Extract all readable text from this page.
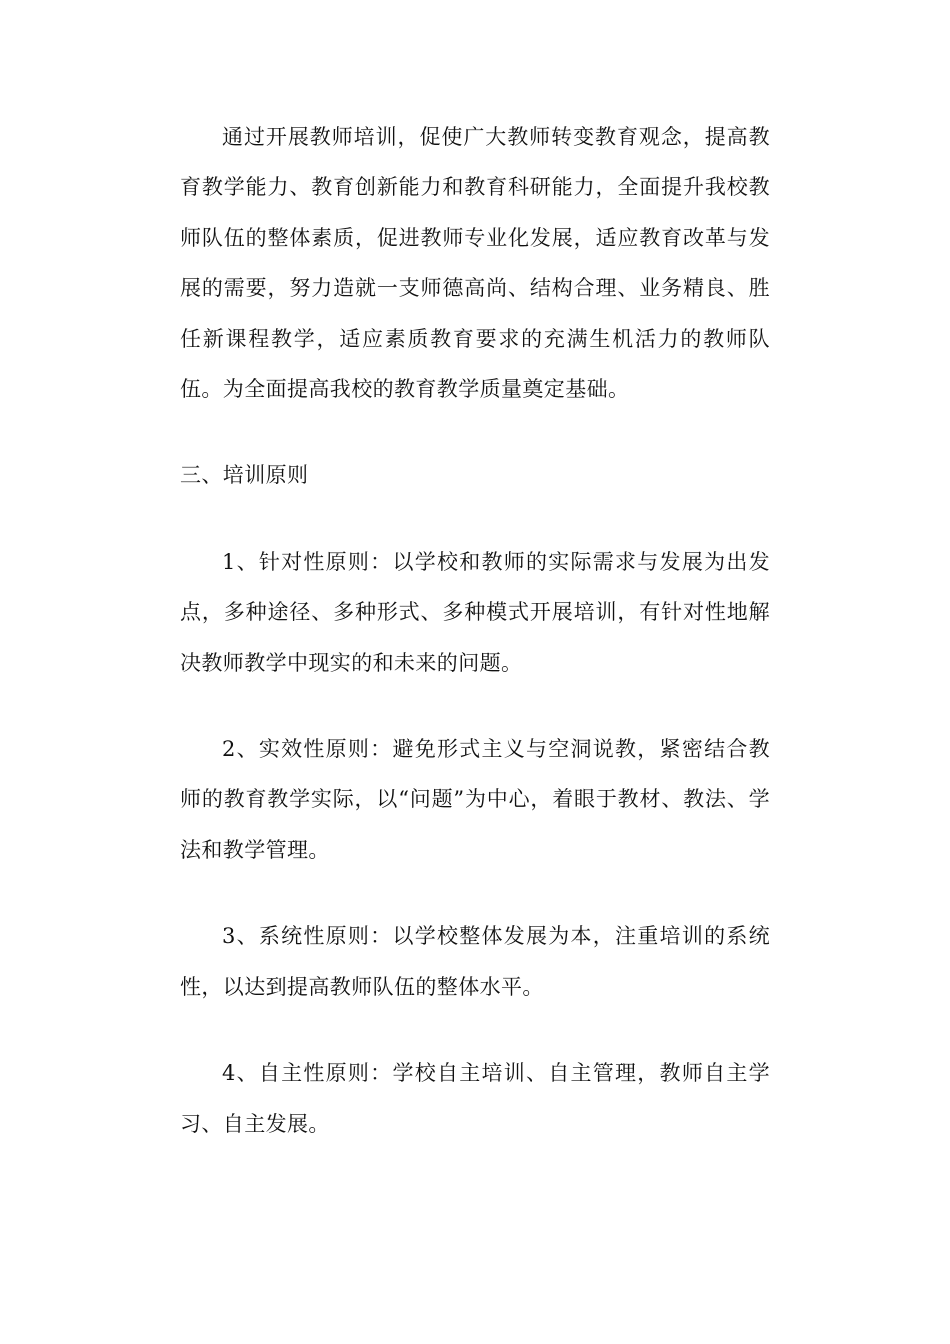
通过开展教师培训，促使广大教师转变教育观念，提高教育教学能力、教育创新能力和教育科研能力，全面提升我校教师队伍的整体素质，促进教师专业化发展，适应教育改革与发展的需要，努力造就一支师德高尚、结构合理、业务精良、胜任新课程教学，适应素质教育要求的充满生机活力的教师队伍。为全面提高我校的教育教学质量奠定基础。

三、培训原则

1、针对性原则：以学校和教师的实际需求与发展为出发点，多种途径、多种形式、多种模式开展培训，有针对性地解决教师教学中现实的和未来的问题。

2、实效性原则：避免形式主义与空洞说教，紧密结合教师的教育教学实际，以“问题”为中心，着眼于教材、教法、学法和教学管理。

3、系统性原则：以学校整体发展为本，注重培训的系统性，以达到提高教师队伍的整体水平。

4、自主性原则：学校自主培训、自主管理，教师自主学习、自主发展。
